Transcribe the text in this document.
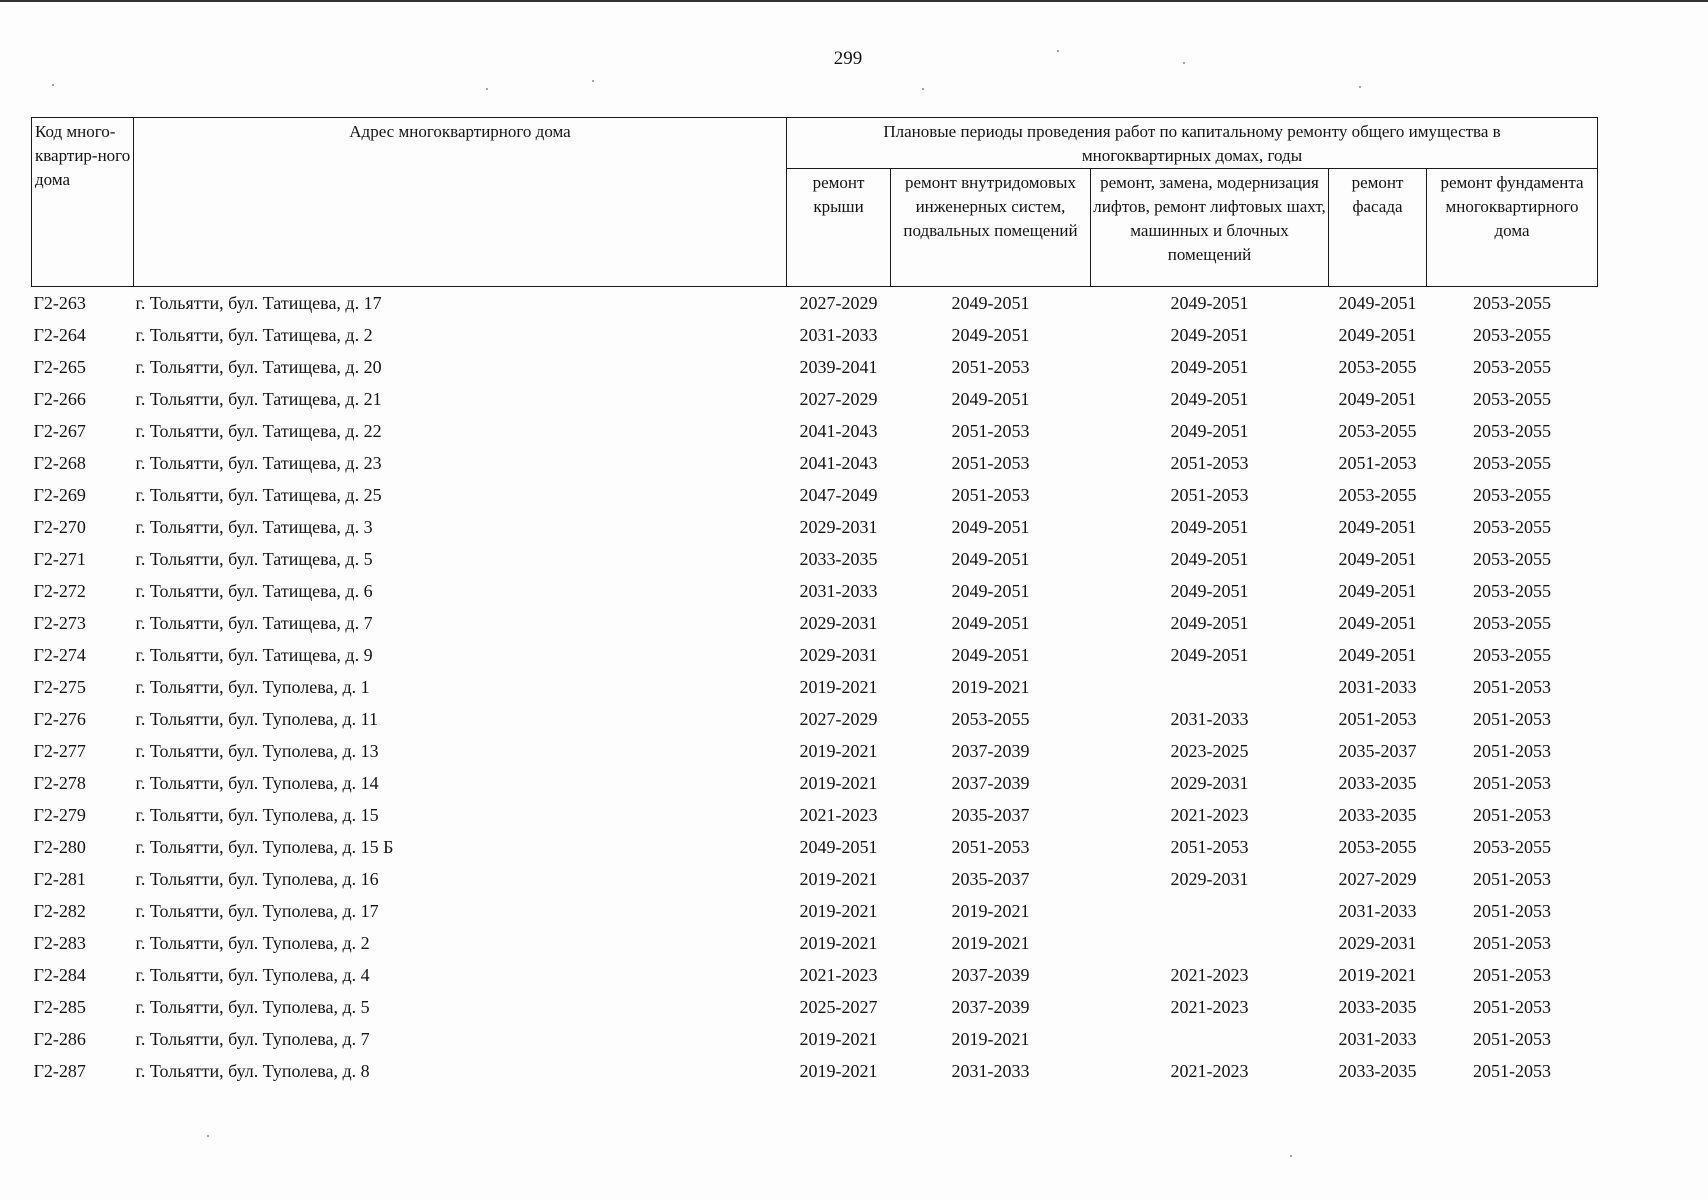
299
Код много-квартир-ного дома	Адрес многоквартирного дома	Плановые периоды проведения работ по капитальному ремонту общего имущества в многоквартирных домах, годы				
		ремонт крыши	ремонт внутридомовых инженерных систем, подвальных помещений	ремонт, замена, модернизация лифтов, ремонт лифтовых шахт, машинных и блочных помещений	ремонт фасада	ремонт фундамента многоквартирного дома
Г2-263	г. Тольятти, бул. Татищева, д. 17	2027-2029	2049-2051	2049-2051	2049-2051	2053-2055
Г2-264	г. Тольятти, бул. Татищева, д. 2	2031-2033	2049-2051	2049-2051	2049-2051	2053-2055
Г2-265	г. Тольятти, бул. Татищева, д. 20	2039-2041	2051-2053	2049-2051	2053-2055	2053-2055
Г2-266	г. Тольятти, бул. Татищева, д. 21	2027-2029	2049-2051	2049-2051	2049-2051	2053-2055
Г2-267	г. Тольятти, бул. Татищева, д. 22	2041-2043	2051-2053	2049-2051	2053-2055	2053-2055
Г2-268	г. Тольятти, бул. Татищева, д. 23	2041-2043	2051-2053	2051-2053	2051-2053	2053-2055
Г2-269	г. Тольятти, бул. Татищева, д. 25	2047-2049	2051-2053	2051-2053	2053-2055	2053-2055
Г2-270	г. Тольятти, бул. Татищева, д. 3	2029-2031	2049-2051	2049-2051	2049-2051	2053-2055
Г2-271	г. Тольятти, бул. Татищева, д. 5	2033-2035	2049-2051	2049-2051	2049-2051	2053-2055
Г2-272	г. Тольятти, бул. Татищева, д. 6	2031-2033	2049-2051	2049-2051	2049-2051	2053-2055
Г2-273	г. Тольятти, бул. Татищева, д. 7	2029-2031	2049-2051	2049-2051	2049-2051	2053-2055
Г2-274	г. Тольятти, бул. Татищева, д. 9	2029-2031	2049-2051	2049-2051	2049-2051	2053-2055
Г2-275	г. Тольятти, бул. Туполева, д. 1	2019-2021	2019-2021		2031-2033	2051-2053
Г2-276	г. Тольятти, бул. Туполева, д. 11	2027-2029	2053-2055	2031-2033	2051-2053	2051-2053
Г2-277	г. Тольятти, бул. Туполева, д. 13	2019-2021	2037-2039	2023-2025	2035-2037	2051-2053
Г2-278	г. Тольятти, бул. Туполева, д. 14	2019-2021	2037-2039	2029-2031	2033-2035	2051-2053
Г2-279	г. Тольятти, бул. Туполева, д. 15	2021-2023	2035-2037	2021-2023	2033-2035	2051-2053
Г2-280	г. Тольятти, бул. Туполева, д. 15 Б	2049-2051	2051-2053	2051-2053	2053-2055	2053-2055
Г2-281	г. Тольятти, бул. Туполева, д. 16	2019-2021	2035-2037	2029-2031	2027-2029	2051-2053
Г2-282	г. Тольятти, бул. Туполева, д. 17	2019-2021	2019-2021		2031-2033	2051-2053
Г2-283	г. Тольятти, бул. Туполева, д. 2	2019-2021	2019-2021		2029-2031	2051-2053
Г2-284	г. Тольятти, бул. Туполева, д. 4	2021-2023	2037-2039	2021-2023	2019-2021	2051-2053
Г2-285	г. Тольятти, бул. Туполева, д. 5	2025-2027	2037-2039	2021-2023	2033-2035	2051-2053
Г2-286	г. Тольятти, бул. Туполева, д. 7	2019-2021	2019-2021		2031-2033	2051-2053
Г2-287	г. Тольятти, бул. Туполева, д. 8	2019-2021	2031-2033	2021-2023	2033-2035	2051-2053
